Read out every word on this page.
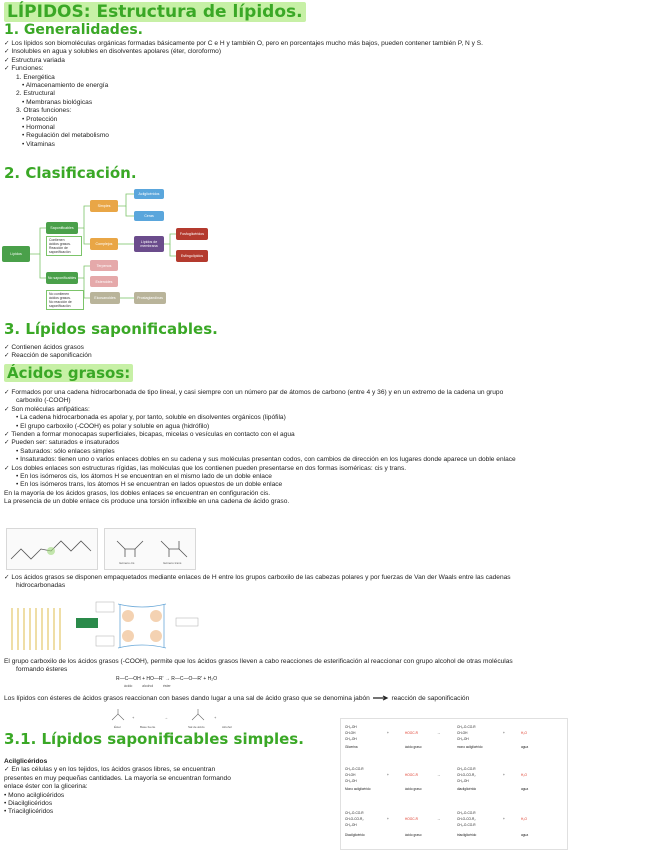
LÍPIDOS: Estructura de lípidos.
1. Generalidades.
✓ Los lípidos son biomoléculas orgánicas formadas básicamente por C e H y también O, pero en porcentajes mucho más bajos, pueden contener también P, N y S.
✓ Insolubles en agua y solubles en disolventes apolares (éter, cloroformo)
✓ Estructura variada
✓ Funciones:
1. Energética
• Almacenamiento de energía
2. Estructural
• Membranas biológicas
3. Otras funciones:
• Protección
• Hormonal
• Regulación del metabolismo
• Vitaminas
2. Clasificación.
Lípidos
Saponificables
Contienen
ácidos grasos.
Reacción de
saponificación
No saponificables
No contienen
ácidos grasos.
No reacción de
saponificación
Simples
Complejos
Acilglicéridos
Ceras
Lípidos de membrana
Fosfoglicéridos
Esfingolípidos
Terpenos
Esteroides
Eicosanoides	Prostaglandinas
3. Lípidos saponificables.
✓ Contienen ácidos grasos
✓ Reacción de saponificación
Ácidos grasos:
✓ Formados por una cadena hidrocarbonada de tipo lineal, y casi siempre con un número par de átomos de carbono (entre 4 y 36) y en un extremo de la cadena un grupo
carboxilo (-COOH)
✓ Son moléculas anfipáticas:
• La cadena hidrocarbonada es apolar y, por tanto, soluble en disolventes orgánicos (lipófila)
• El grupo carboxilo (-COOH) es polar y soluble en agua (hidrófilo)
✓ Tienden a formar monocapas superficiales, bicapas, micelas o vesículas en contacto con el agua
✓ Pueden ser: saturados e insaturados
• Saturados: sólo enlaces simples
• Insaturados: tienen uno o varios enlaces dobles en su cadena y sus moléculas presentan codos, con cambios de dirección en los lugares donde aparece un doble enlace
✓ Los dobles enlaces son estructuras rígidas, las moléculas que los contienen pueden presentarse en dos formas isoméricas: cis y trans.
• En los isómeros cis, los átomos H se encuentran en el mismo lado de un doble enlace
• En los isómeros trans, los átomos H se encuentran en lados opuestos de un doble enlace
En la mayoría de los ácidos grasos, los dobles enlaces se encuentran en configuración cis.
La presencia de un doble enlace cis produce una torsión inflexible en una cadena de ácido graso.
Isómero cis	Isómero trans
✓ Los ácidos grasos se disponen empaquetados mediante enlaces de H entre los grupos carboxilo de las cabezas polares y por fuerzas de Van der Waals entre las cadenas
hidrocarbonadas
El grupo carboxilo de los ácidos grasos (-COOH), permite que los ácidos grasos lleven a cabo reacciones de esterificación al reaccionar con grupo alcohol de otras moléculas
formando ésteres
R—C—OH + HO—R' → R—C—O—R' + H₂O
ácido	alcohol	éster
Los lípidos con ésteres de ácidos grasos reaccionan con bases dando lugar a una sal de ácido graso que se denomina jabón	reacción de saponificación
+	→	+
Éster	Base fuerte	Sal de ácido	Alcohol
3.1. Lípidos saponificables simples.
Acilglicéridos
✓ En las células y en los tejidos, los ácidos grasos libres, se encuentran
presentes en muy pequeñas cantidades. La mayoría se encuentran formando
enlace éster con la glicerina:
• Mono acilglicéridos
• Diacilglicéridos
• Triacilglicéridos
CH₂-OH
CH-OH
CH₂-OH
+	HOOC-R	→
CH₂-O-CO-R
CH-OH
CH₂-OH
+	H₂O
Glicerina	ácido graso	mono acilglicérido	agua
CH₂-O-CO-R
CH-OH
CH₂-OH
+	HOOC-R	→
CH₂-O-CO-R
CH-O-CO-R₂
CH₂-OH
+	H₂O
Mono acilglicérido	ácido graso	diacilglicérido	agua
CH₂-O-CO-R
CH-O-CO-R₂
CH₂-OH
+	HOOC-R	→
CH₂-O-CO-R
CH-O-CO-R₂
CH₂-O-CO-R
+	H₂O
Diacilglicérido	ácido graso	triacilglicérido	agua
